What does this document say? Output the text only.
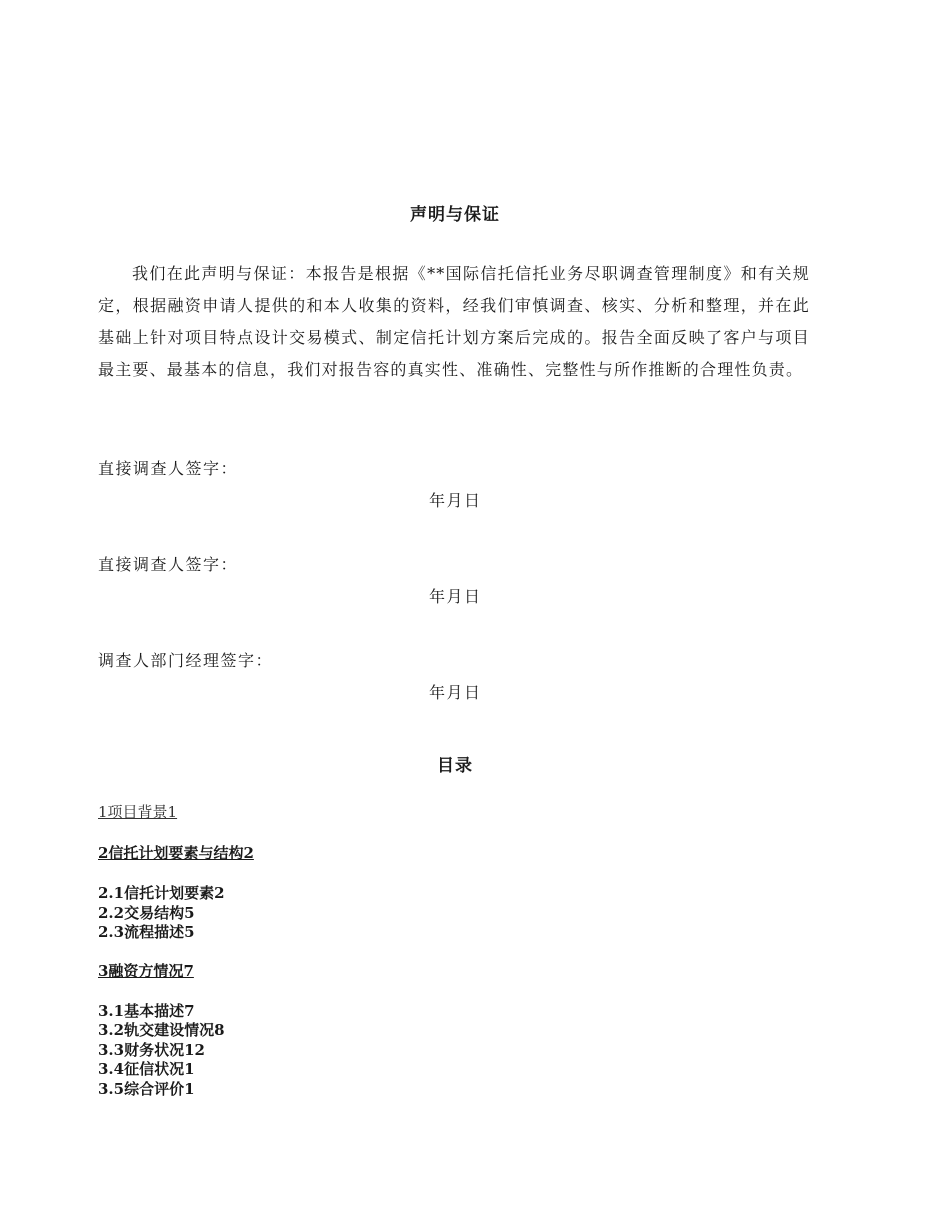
声明与保证
我们在此声明与保证：本报告是根据《**国际信托信托业务尽职调查管理制度》和有关规定，根据融资申请人提供的和本人收集的资料，经我们审慎调查、核实、分析和整理，并在此基础上针对项目特点设计交易模式、制定信托计划方案后完成的。报告全面反映了客户与项目最主要、最基本的信息，我们对报告容的真实性、准确性、完整性与所作推断的合理性负责。
直接调查人签字：
年月日
直接调查人签字：
年月日
调查人部门经理签字：
年月日
目录
1项目背景1
2信托计划要素与结构2
2.1信托计划要素2
2.2交易结构5
2.3流程描述5
3融资方情况7
3.1基本描述7
3.2轨交建设情况8
3.3财务状况12
3.4征信状况1
3.5综合评价1
